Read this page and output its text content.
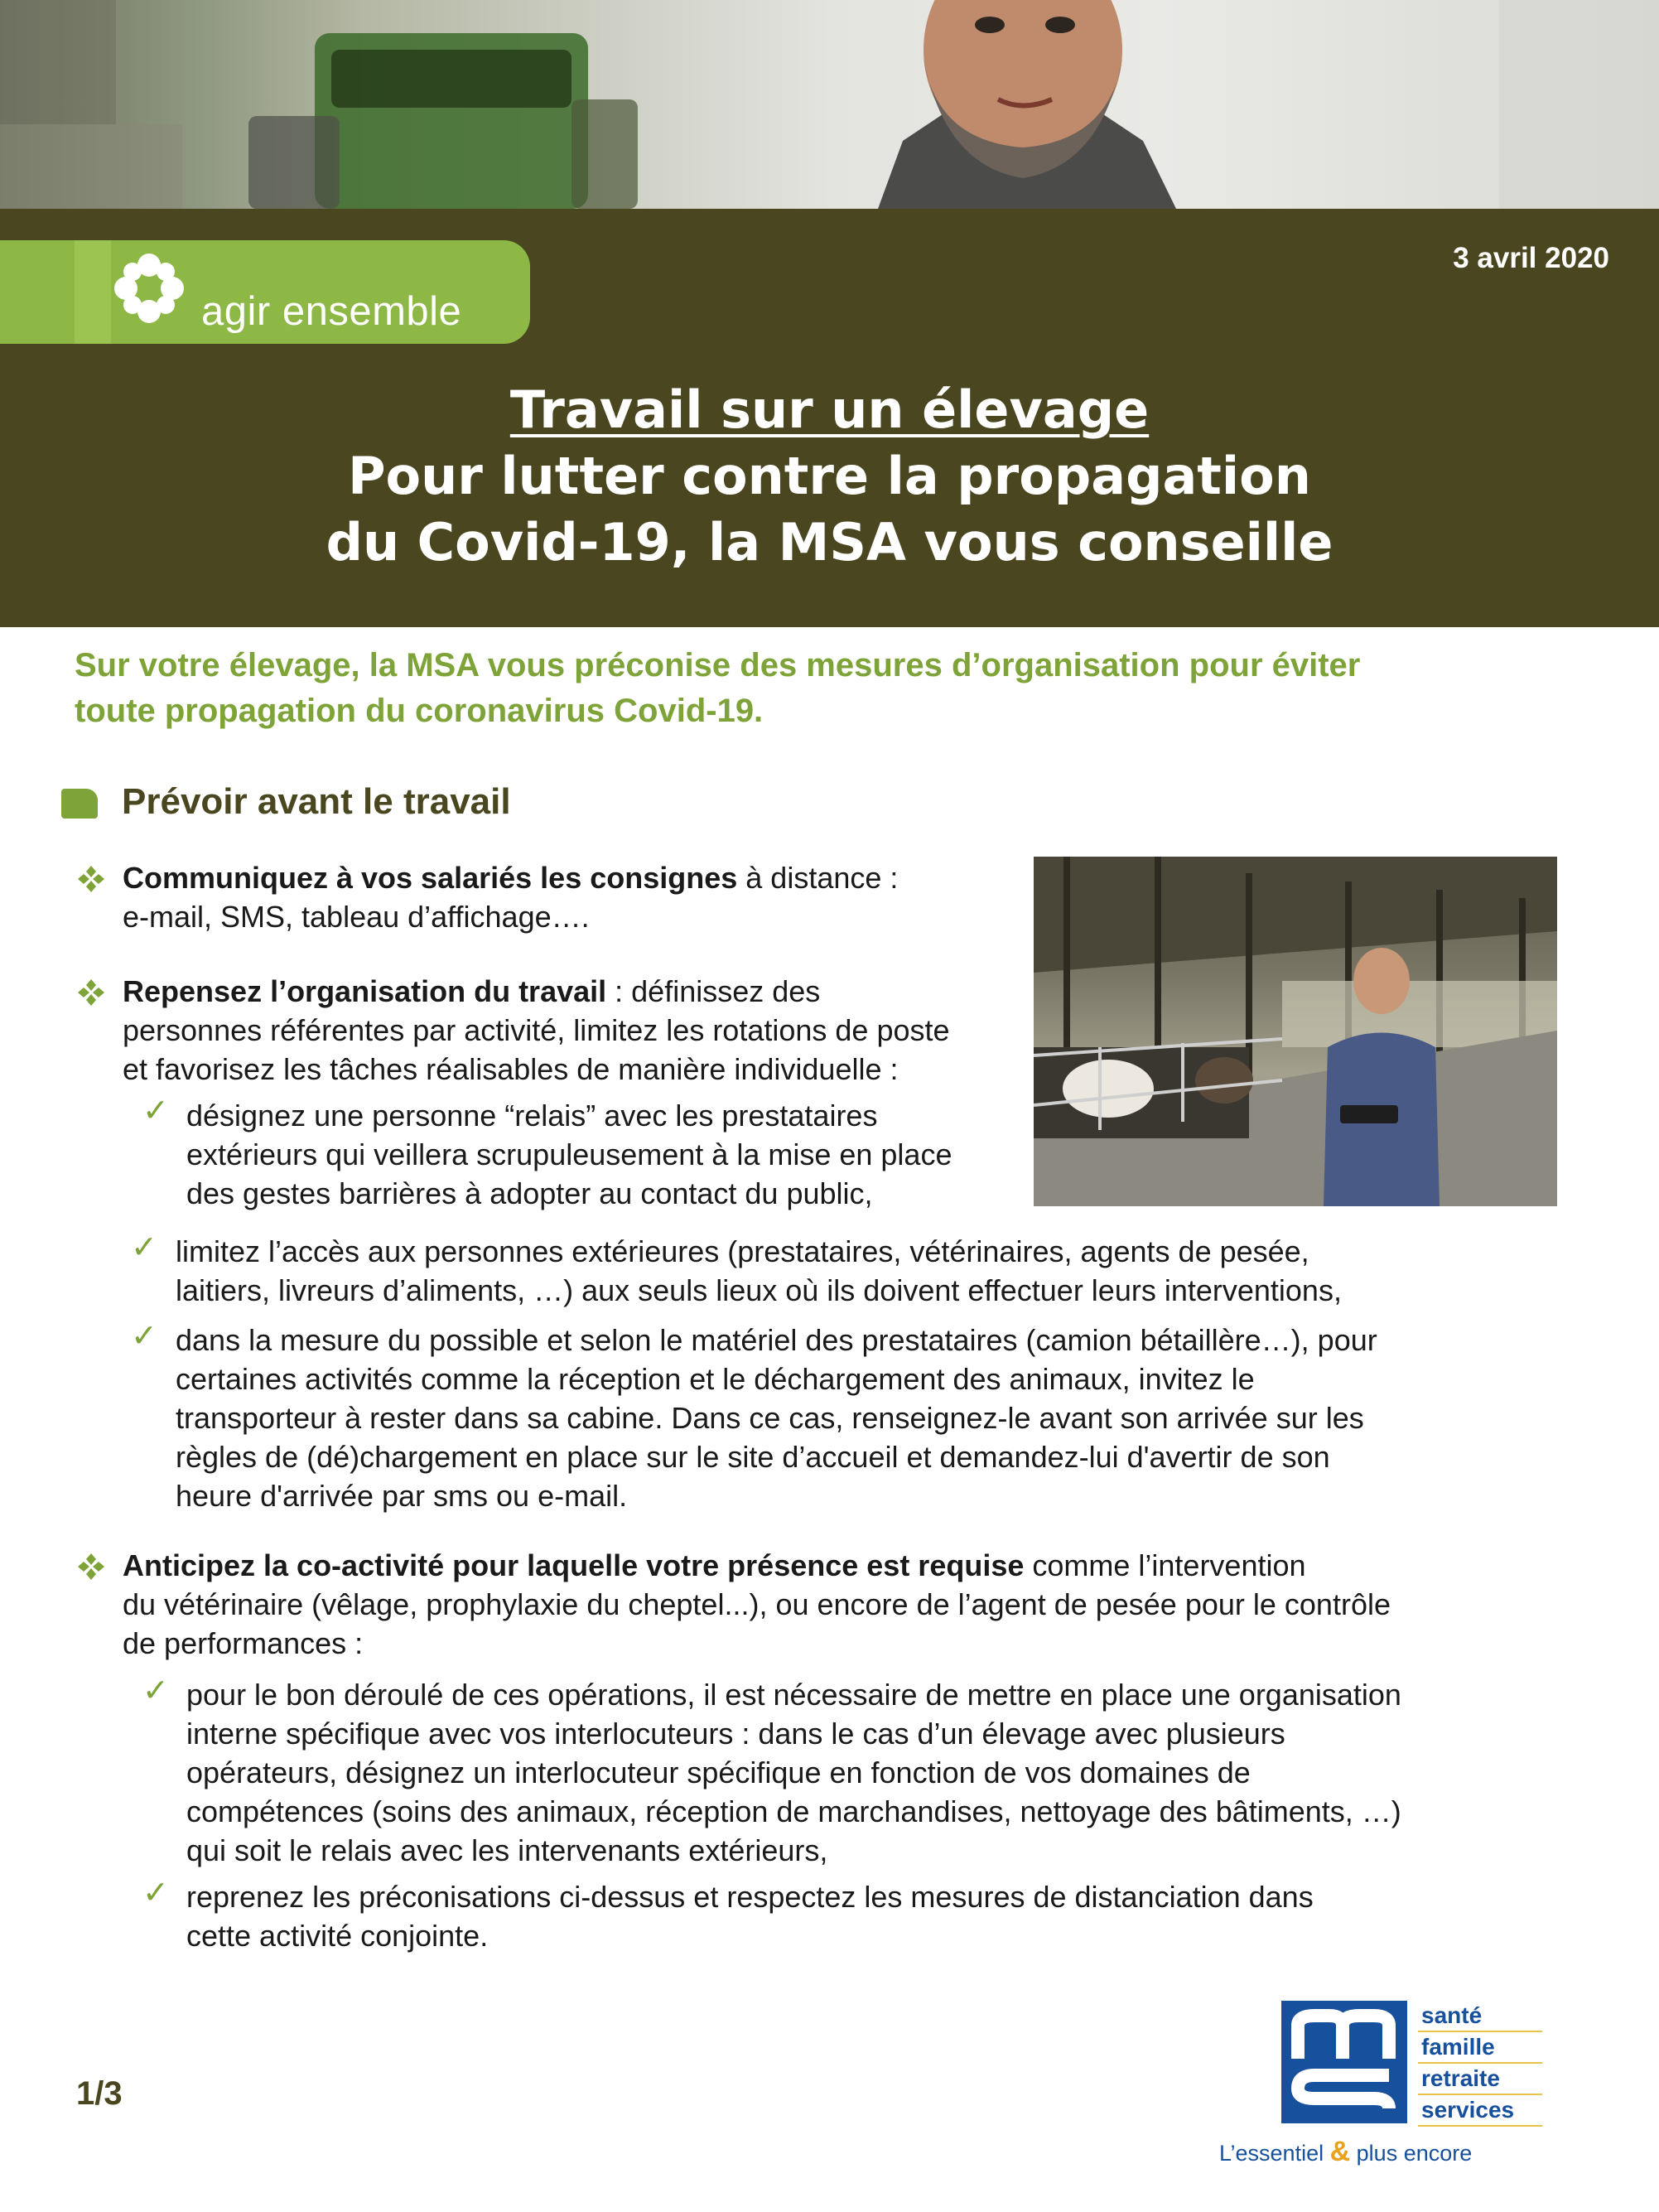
agir ensemble
3 avril 2020
Travail sur un élevage
Pour lutter contre la propagation
du Covid-19, la MSA vous conseille
Sur votre élevage, la MSA vous préconise des mesures d’organisation pour éviter
toute propagation du coronavirus Covid-19.
Prévoir avant le travail
Communiquez à vos salariés les consignes à distance :
e-mail, SMS, tableau d’affichage….
Repensez l’organisation du travail : définissez des
personnes référentes par activité, limitez les rotations de poste
et favorisez les tâches réalisables de manière individuelle :
✓ désignez une personne “relais” avec les prestataires
extérieurs qui veillera scrupuleusement à la mise en place
des gestes barrières à adopter au contact du public,
✓ limitez l’accès aux personnes extérieures (prestataires, vétérinaires, agents de pesée,
laitiers, livreurs d’aliments, …) aux seuls lieux où ils doivent effectuer leurs interventions,
✓ dans la mesure du possible et selon le matériel des prestataires (camion bétaillère…), pour
certaines activités comme la réception et le déchargement des animaux, invitez le
transporteur à rester dans sa cabine. Dans ce cas, renseignez-le avant son arrivée sur les
règles de (dé)chargement en place sur le site d’accueil et demandez-lui d'avertir de son
heure d'arrivée par sms ou e-mail.
Anticipez la co-activité pour laquelle votre présence est requise comme l’intervention
du vétérinaire (vêlage, prophylaxie du cheptel...), ou encore de l’agent de pesée pour le contrôle
de performances :
✓ pour le bon déroulé de ces opérations, il est nécessaire de mettre en place une organisation
interne spécifique avec vos interlocuteurs : dans le cas d’un élevage avec plusieurs
opérateurs, désignez un interlocuteur spécifique en fonction de vos domaines de
compétences (soins des animaux, réception de marchandises, nettoyage des bâtiments, …)
qui soit le relais avec les intervenants extérieurs,
✓ reprenez les préconisations ci-dessus et respectez les mesures de distanciation dans
cette activité conjointe.
1/3
santé
famille
retraite
services
L’essentiel & plus encore
